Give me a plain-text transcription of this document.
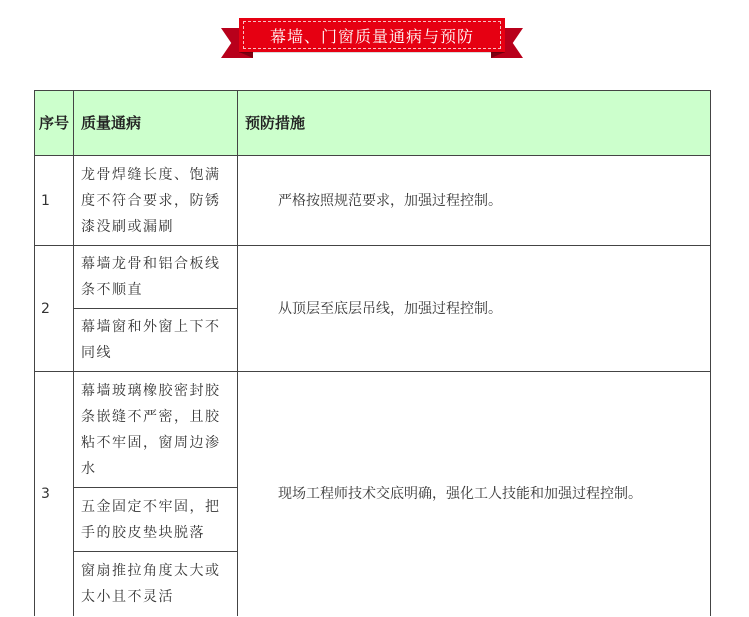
幕墙、门窗质量通病与预防
序号	质量通病	预防措施
1	龙骨焊缝长度、饱满度不符合要求，防锈漆没刷或漏刷	严格按照规范要求，加强过程控制。
2	幕墙龙骨和铝合板线条不顺直	从顶层至底层吊线，加强过程控制。
	幕墙窗和外窗上下不同线	
3	幕墙玻璃橡胶密封胶条嵌缝不严密，且胶粘不牢固，窗周边渗水	现场工程师技术交底明确，强化工人技能和加强过程控制。
	五金固定不牢固，把手的胶皮垫块脱落	
	窗扇推拉角度太大或太小且不灵活	
